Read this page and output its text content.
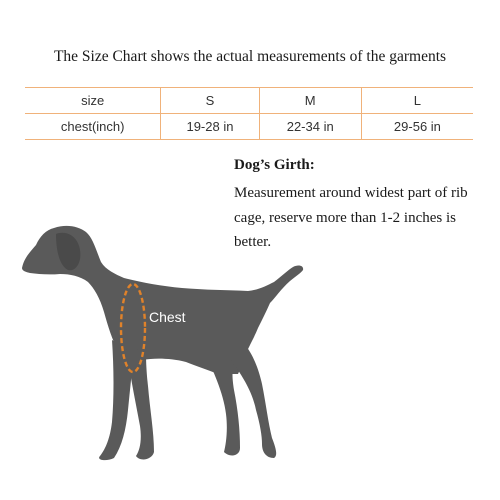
The Size Chart shows the actual measurements of the garments

size	S	M	L
chest(inch)	19-28 in	22-34 in	29-56 in

Dog’s Girth:

Measurement around widest part of rib cage, reserve more than 1-2 inches is better.

Chest
